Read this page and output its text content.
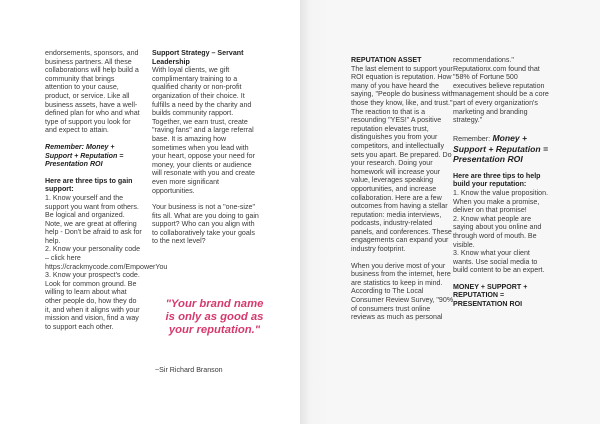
endorsements, sponsors, and business partners. All these collaborations will help build a community that brings attention to your cause, product, or service. Like all business assets, have a well-defined plan for who and what type of support you look for and expect to attain.

Remember: Money + Support + Reputation = Presentation ROI

Here are three tips to gain support:

1. Know yourself and the support you want from others. Be logical and organized. Note, we are great at offering help - Don't be afraid to ask for help.

2. Know your personality code – click here https://crackmycode.com/EmpowerYou

3. Know your prospect's code. Look for common ground. Be willing to learn about what other people do, how they do it, and when it aligns with your mission and vision, find a way to support each other.

Support Strategy – Servant Leadership

With loyal clients, we gift complimentary training to a qualified charity or non-profit organization of their choice. It fulfills a need by the charity and builds community rapport. Together, we earn trust, create "raving fans" and a large referral base. It is amazing how sometimes when you lead with your heart, oppose your need for money, your clients or audience will resonate with you and create even more significant opportunities.

Your business is not a "one-size" fits all. What are you doing to gain support? Who can you align with to collaboratively take your goals to the next level?

"Your brand name is only as good as your reputation."
~Sir Richard Branson

REPUTATION ASSET

The last element to support your ROI equation is reputation. How many of you have heard the saying, "People do business with those they know, like, and trust." The reaction to that is a resounding "YES!" A positive reputation elevates trust, distinguishes you from your competitors, and intellectually sets you apart. Be prepared. Do your research. Doing your homework will increase your value, leverages speaking opportunities, and increase collaboration. Here are a few outcomes from having a stellar reputation: media interviews, podcasts, industry-related panels, and conferences. These engagements can expand your industry footprint.

When you derive most of your business from the internet, here are statistics to keep in mind. According to The Local Consumer Review Survey, "90% of consumers trust online reviews as much as personal

recommendations." Reputationx.com found that "58% of Fortune 500 executives believe reputation management should be a core part of every organization's marketing and branding strategy."

Remember: Money + Support + Reputation = Presentation ROI

Here are three tips to help build your reputation:

1. Know the value proposition. When you make a promise, deliver on that promise!

2. Know what people are saying about you online and through word of mouth. Be visible.

3. Know what your client wants. Use social media to build content to be an expert.

MONEY + SUPPORT + REPUTATION = PRESENTATION ROI
